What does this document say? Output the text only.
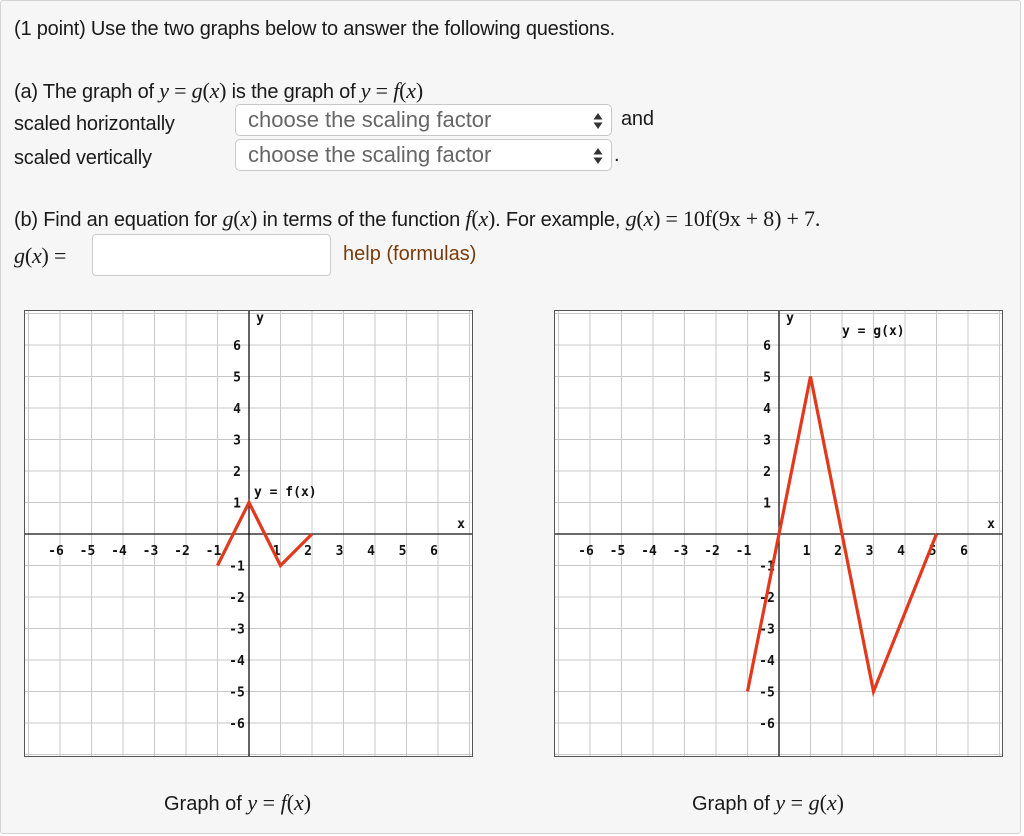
(1 point) Use the two graphs below to answer the following questions.
(a) The graph of y = g(x) is the graph of y = f(x)
scaled horizontally	choose the scaling factor	and
scaled vertically	choose the scaling factor	.
(b) Find an equation for g(x) in terms of the function f(x). For example, g(x) = 10f(9x + 8) + 7.
g(x) =	help (formulas)
-6 -5 -4 -3 -2 -1	1 2 3 4 5 6
6
5
4
3
2
1
-1
-2
-3
-4
-5
-6
y
x
y = f(x)
-6 -5 -4 -3 -2 -1	1 2 3 4 5 6
6
5
4
3
2
1
-1
-2
-3
-4
-5
-6
y
x
y = g(x)
Graph of y = f(x)	Graph of y = g(x)
